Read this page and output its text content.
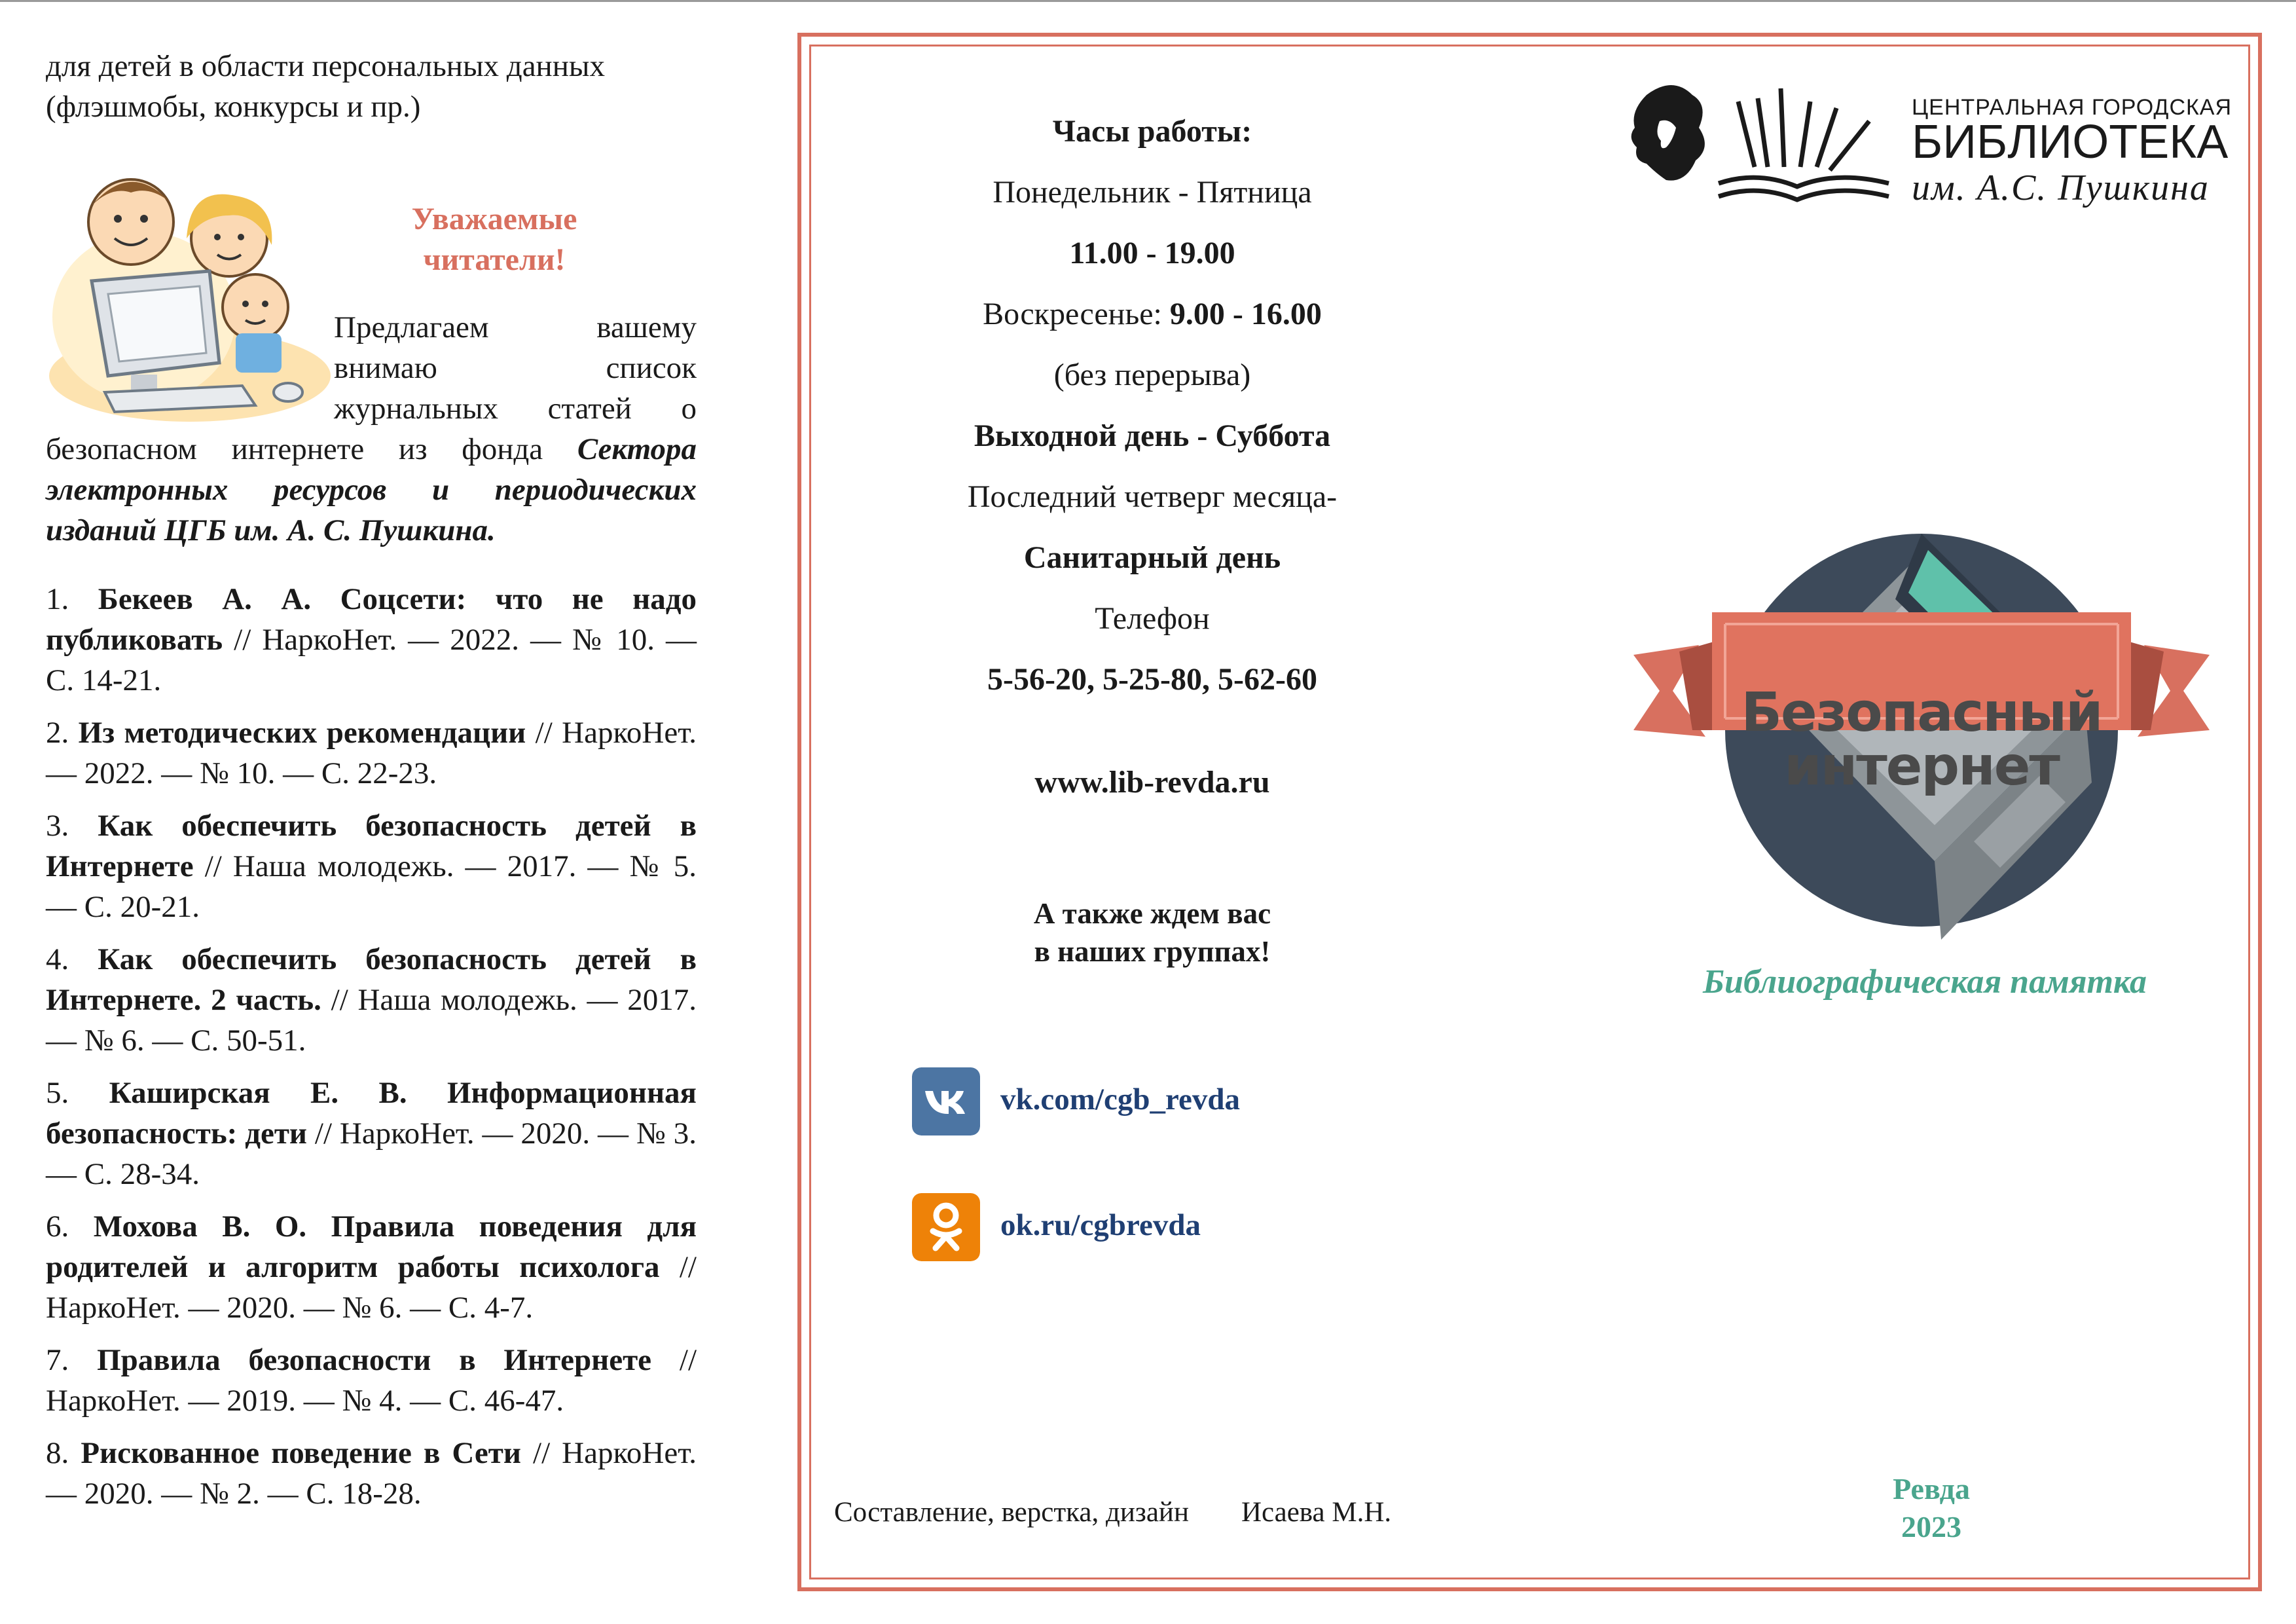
для детей в области персональных данных (флэшмобы, конкурсы и пр.)

Уважаемые
читатели!
Предлагаем вашему внимаю список журнальных статей о безопасном интернете из фонда Сектора электронных ресурсов и периодических изданий ЦГБ им. А. С. Пушкина.
1. Бекеев А. А. Соцсети: что не надо публиковать // НаркоНет. — 2022. — № 10. — С. 14-21.
2. Из методических рекомендации // НаркоНет. — 2022. — № 10. — С. 22-23.
3. Как обеспечить безопасность детей в Интернете // Наша молодежь. — 2017. — № 5. — С. 20-21.
4. Как обеспечить безопасность детей в Интернете. 2 часть. // Наша молодежь. — 2017. — № 6. — С. 50-51.
5. Каширская Е. В. Информационная безопасность: дети // НаркоНет. — 2020. — № 3. — С. 28-34.
6. Мохова В. О. Правила поведения для родителей и алгоритм работы психолога // НаркоНет. — 2020. — № 6. — С. 4-7.
7. Правила безопасности в Интернете // НаркоНет. — 2019. — № 4. — С. 46-47.
8. Рискованное поведение в Сети // НаркоНет. — 2020. — № 2. — С. 18-28.

Часы работы:

Понедельник - Пятница

11.00 - 19.00

Воскресенье: 9.00 - 16.00

(без перерыва)

Выходной день - Суббота

Последний четверг месяца-

Санитарный день

Телефон

5-56-20, 5-25-80, 5-62-60

www.lib-revda.ru

А также ждем вас
в наших группах!

vk.com/cgb_revda
ok.ru/cgbrevda
Составление, верстка, дизайн Исаева М.Н.
ЦЕНТРАЛЬНАЯ ГОРОДСКАЯ
БИБЛИОТЕКА
им. А.С. Пушкина
Безопасный
интернет
Библиографическая памятка
Ревда
2023
